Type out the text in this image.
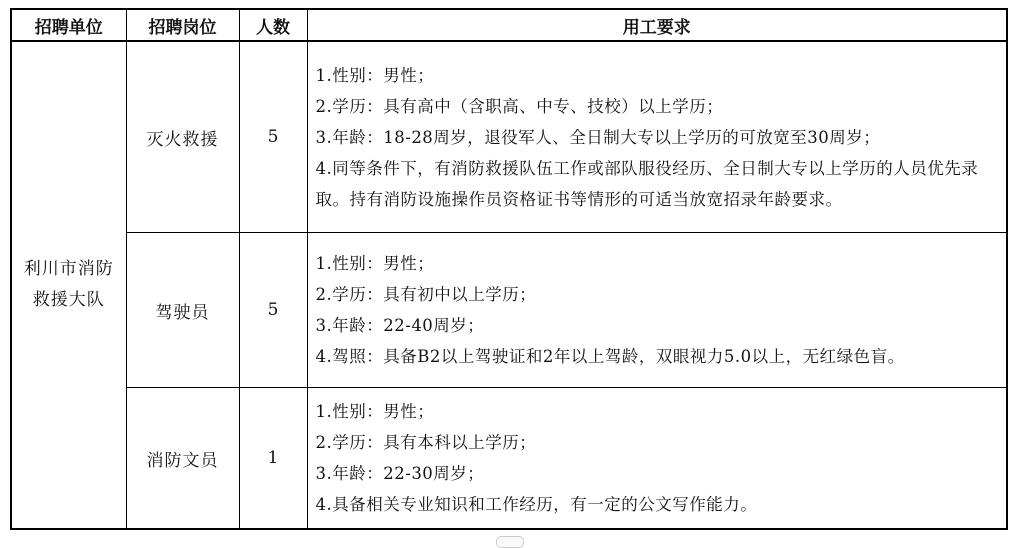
招聘单位	招聘岗位	人数	用工要求
利川市消防救援大队	灭火救援	5	1.性别：男性；
2.学历：具有高中（含职高、中专、技校）以上学历；
3.年龄：18-28周岁，退役军人、全日制大专以上学历的可放宽至30周岁；
4.同等条件下，有消防救援队伍工作或部队服役经历、全日制大专以上学历的人员优先录取。持有消防设施操作员资格证书等情形的可适当放宽招录年龄要求。

	驾驶员	5	1.性别：男性；
2.学历：具有初中以上学历；
3.年龄：22-40周岁；
4.驾照：具备B2以上驾驶证和2年以上驾龄，双眼视力5.0以上，无红绿色盲。

	消防文员	1	1.性别：男性；
2.学历：具有本科以上学历；
3.年龄：22-30周岁；
4.具备相关专业知识和工作经历，有一定的公文写作能力。
